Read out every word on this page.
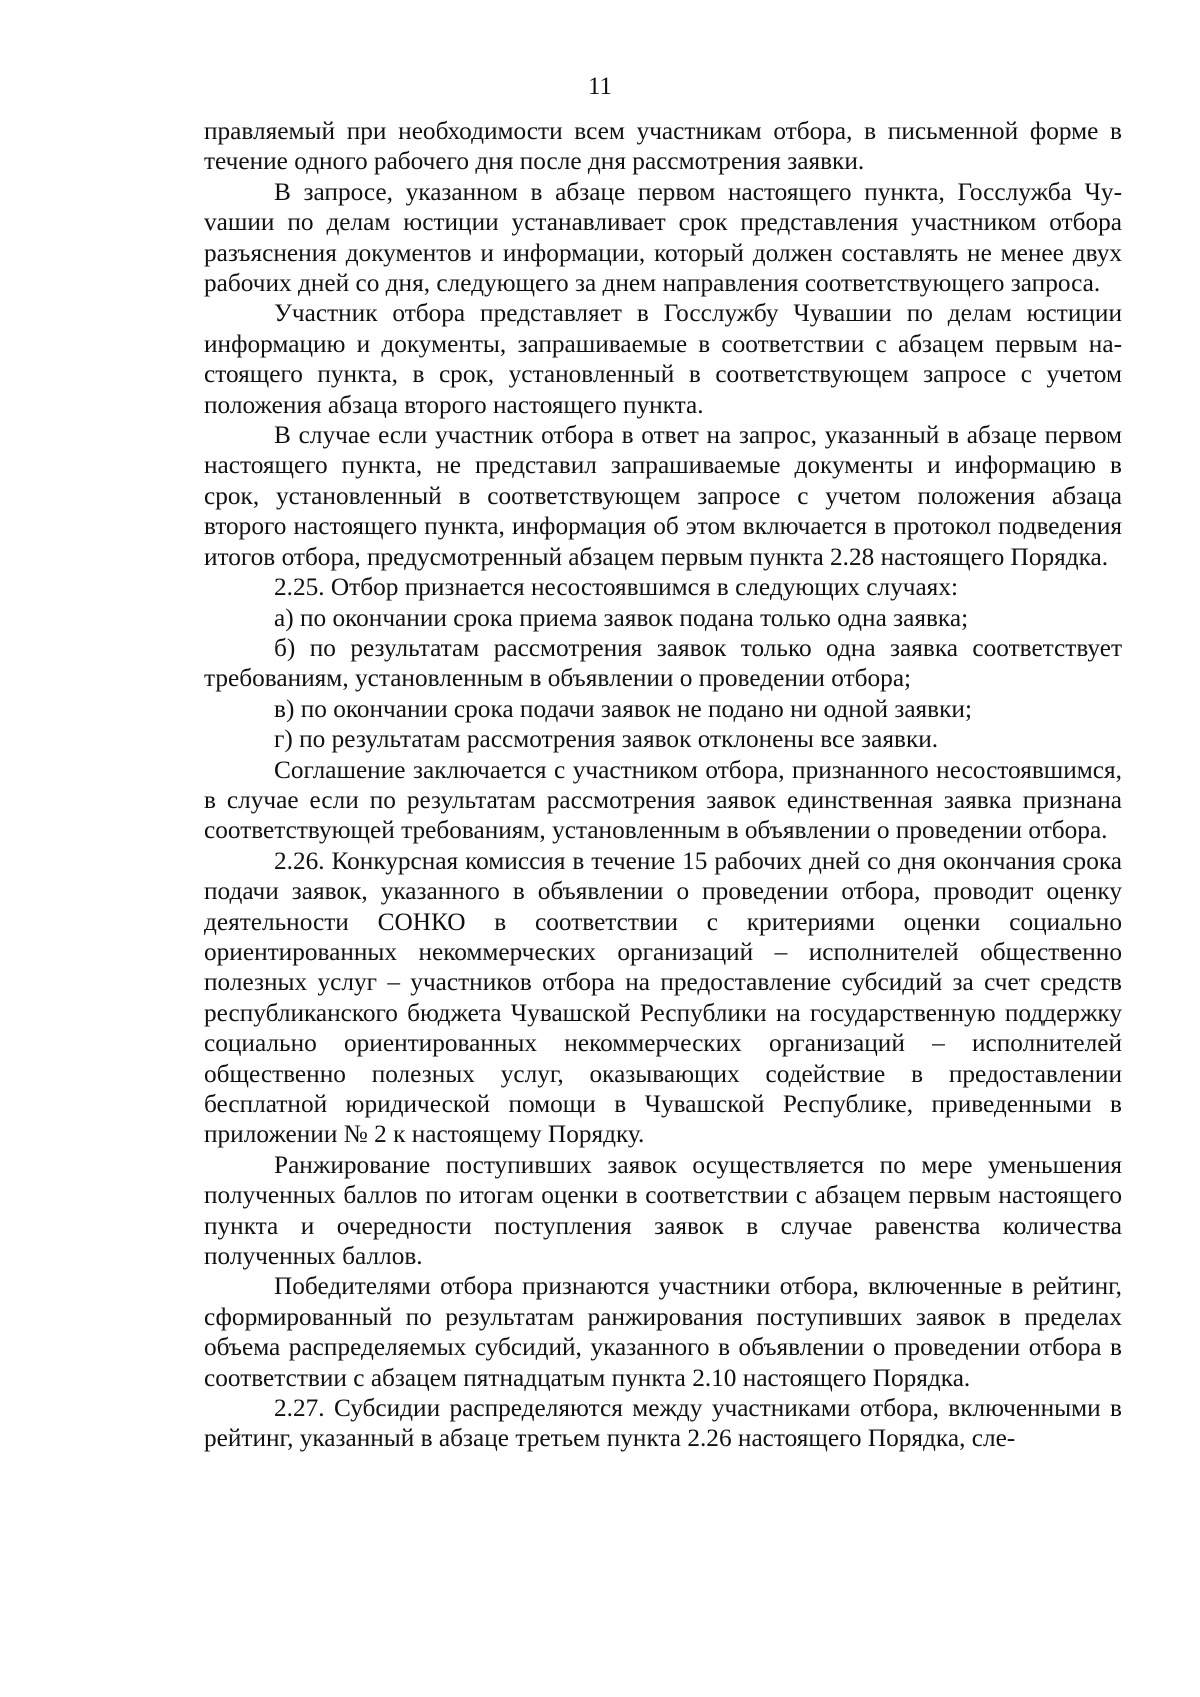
11

правляемый при необходимости всем участникам отбора, в письменной форме в течение одного рабочего дня после дня рассмотрения заявки.

В запросе, указанном в абзаце первом настоящего пункта, Госслужба Чуvашии по делам юстиции устанавливает срок представления участником отбора разъяснения документов и информации, который должен составлять не менее двух рабочих дней со дня, следующего за днем направления соответствующего запроса.

Участник отбора представляет в Госслужбу Чувашии по делам юстиции информацию и документы, запрашиваемые в соответствии с абзацем первым настоящего пункта, в срок, установленный в соответствующем запросе с учетом положения абзаца второго настоящего пункта.

В случае если участник отбора в ответ на запрос, указанный в абзаце первом настоящего пункта, не представил запрашиваемые документы и информацию в срок, установленный в соответствующем запросе с учетом положения абзаца второго настоящего пункта, информация об этом включается в протокол подведения итогов отбора, предусмотренный абзацем первым пункта 2.28 настоящего Порядка.

2.25. Отбор признается несостоявшимся в следующих случаях:

а) по окончании срока приема заявок подана только одна заявка;

б) по результатам рассмотрения заявок только одна заявка соответствует требованиям, установленным в объявлении о проведении отбора;

в) по окончании срока подачи заявок не подано ни одной заявки;

г) по результатам рассмотрения заявок отклонены все заявки.

Соглашение заключается с участником отбора, признанного несостоявшимся, в случае если по результатам рассмотрения заявок единственная заявка признана соответствующей требованиям, установленным в объявлении о проведении отбора.

2.26. Конкурсная комиссия в течение 15 рабочих дней со дня окончания срока подачи заявок, указанного в объявлении о проведении отбора, проводит оценку деятельности СОНКО в соответствии с критериями оценки социально ориентированных некоммерческих организаций – исполнителей общественно полезных услуг – участников отбора на предоставление субсидий за счет средств республиканского бюджета Чувашской Республики на государственную поддержку социально ориентированных некоммерческих организаций – исполнителей общественно полезных услуг, оказывающих содействие в предоставлении бесплатной юридической помощи в Чувашской Республике, приведенными в приложении № 2 к настоящему Порядку.

Ранжирование поступивших заявок осуществляется по мере уменьшения полученных баллов по итогам оценки в соответствии с абзацем первым настоящего пункта и очередности поступления заявок в случае равенства количества полученных баллов.

Победителями отбора признаются участники отбора, включенные в рейтинг, сформированный по результатам ранжирования поступивших заявок в пределах объема распределяемых субсидий, указанного в объявлении о проведении отбора в соответствии с абзацем пятнадцатым пункта 2.10 настоящего Порядка.

2.27. Субсидии распределяются между участниками отбора, включенными в рейтинг, указанный в абзаце третьем пункта 2.26 настоящего Порядка, сле-
